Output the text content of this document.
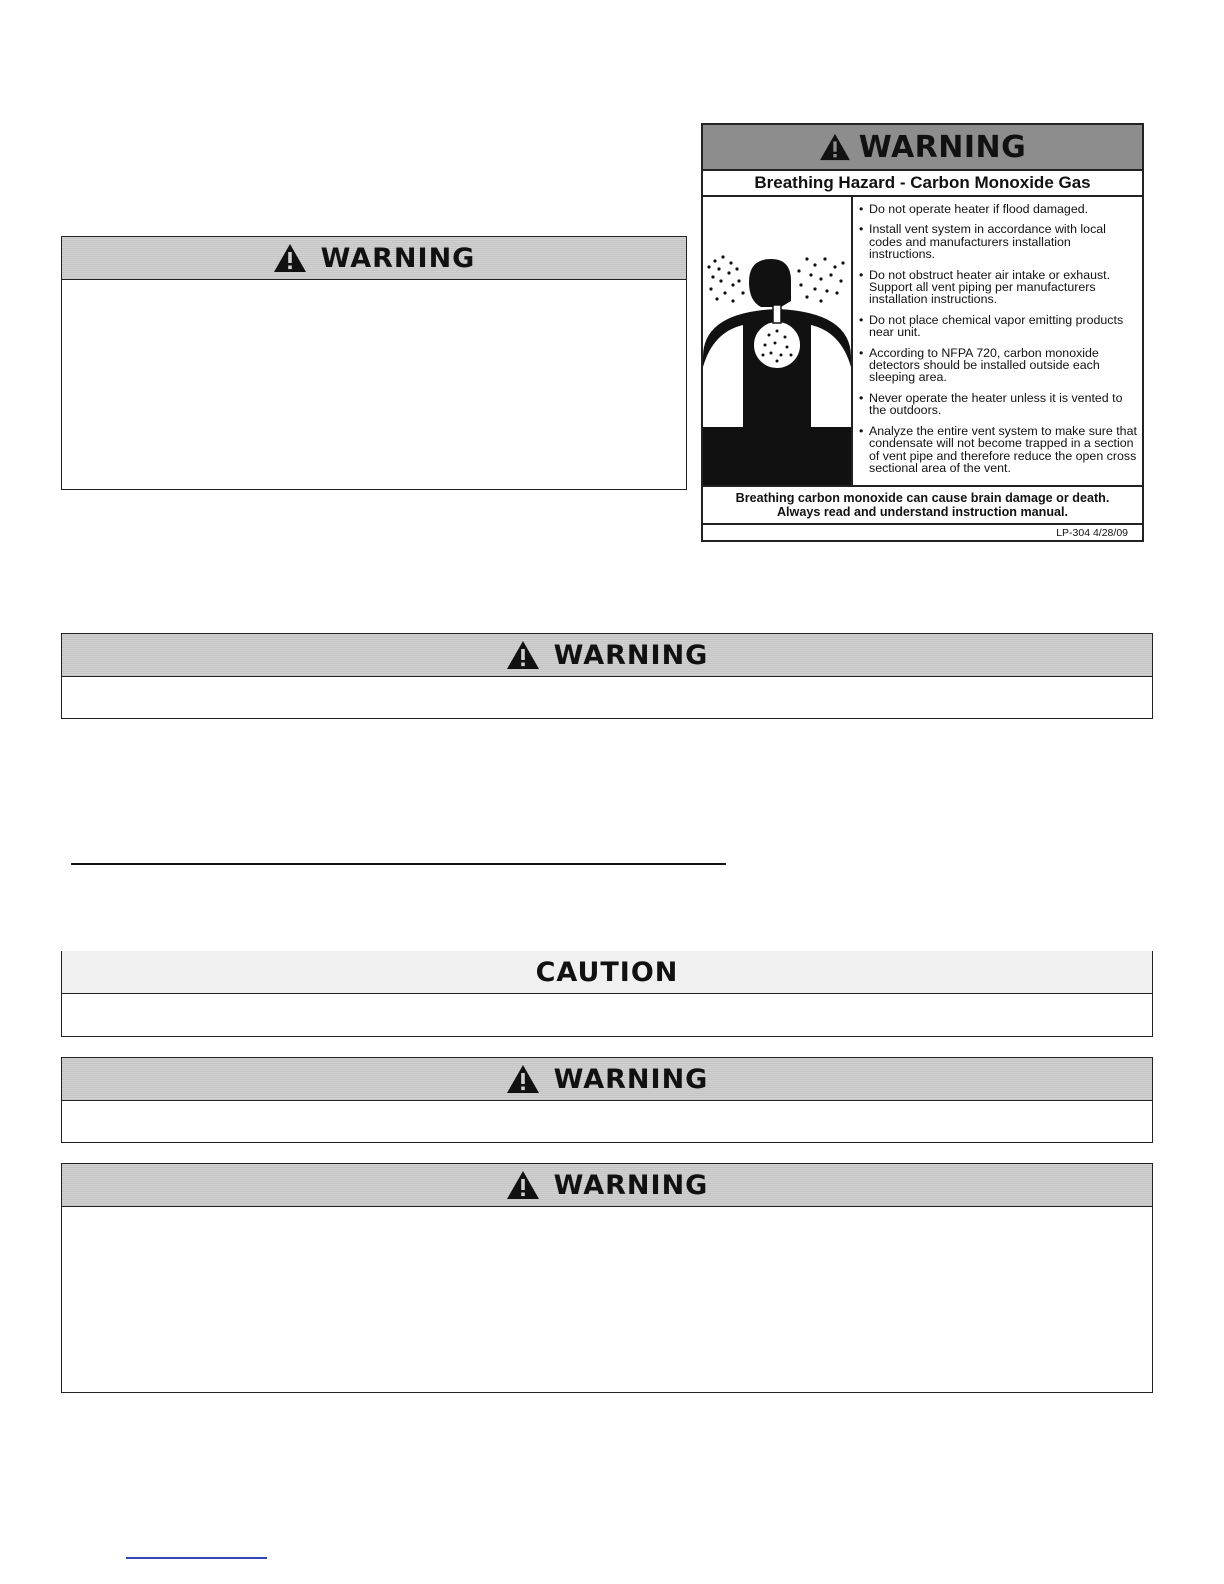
WARNING
WARNING
Breathing Hazard - Carbon Monoxide Gas
• Do not operate heater if flood damaged.
• Install vent system in accordance with local codes and manufacturers installation instructions.
• Do not obstruct heater air intake or exhaust. Support all vent piping per manufacturers installation instructions.
• Do not place chemical vapor emitting products near unit.
• According to NFPA 720, carbon monoxide detectors should be installed outside each sleeping area.
• Never operate the heater unless it is vented to the outdoors.
• Analyze the entire vent system to make sure that condensate will not become trapped in a section of vent pipe and therefore reduce the open cross sectional area of the vent.
Breathing carbon monoxide can cause brain damage or death.
Always read and understand instruction manual.
LP-304 4/28/09
WARNING
CAUTION
WARNING
WARNING
